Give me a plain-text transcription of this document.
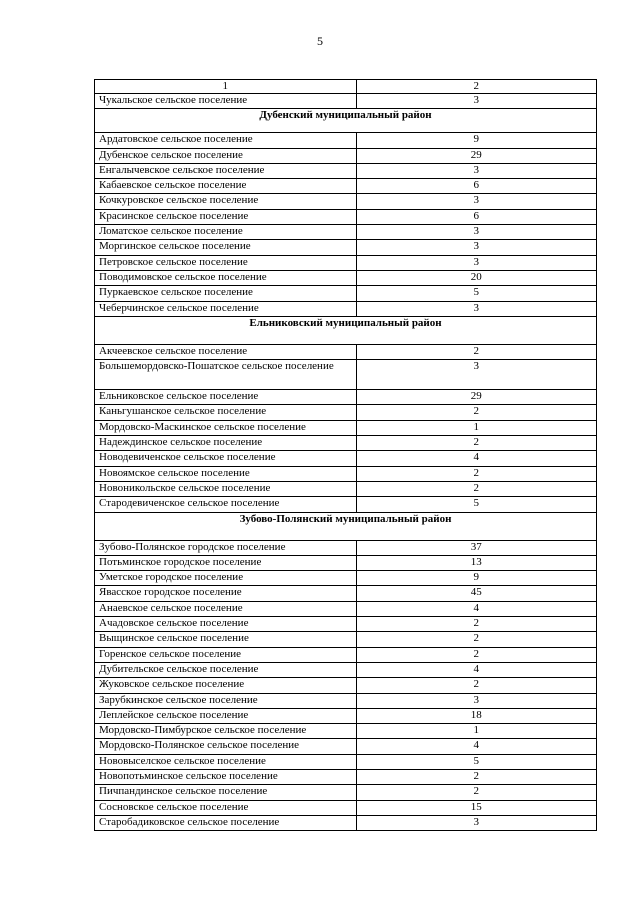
5
1	2
Чукальское сельское поселение	3
Дубенский муниципальный район	
Ардатовское сельское поселение	9
Дубенское сельское поселение	29
Енгалычевское сельское поселение	3
Кабаевское сельское поселение	6
Кочкуровское сельское поселение	3
Красинское сельское поселение	6
Ломатское сельское поселение	3
Моргинское сельское поселение	3
Петровское сельское поселение	3
Поводимовское сельское поселение	20
Пуркаевское сельское поселение	5
Чеберчинское сельское поселение	3
Ельниковский муниципальный район	
Акчеевское сельское поселение	2
Большемордовско-Пошатское сельское поселение	3
Ельниковское сельское поселение	29
Каньгушанское сельское поселение	2
Мордовско-Маскинское сельское поселение	1
Надеждинское сельское поселение	2
Новодевиченское сельское поселение	4
Новоямское сельское поселение	2
Новоникольское сельское поселение	2
Стародевиченское сельское поселение	5
Зубово-Полянский муниципальный район	
Зубово-Полянское городское поселение	37
Потьминское городское поселение	13
Уметское городское поселение	9
Явасское городское поселение	45
Анаевское сельское поселение	4
Ачадовское сельское поселение	2
Выщинское сельское поселение	2
Горенское сельское поселение	2
Дубительское сельское поселение	4
Жуковское сельское поселение	2
Зарубкинское сельское поселение	3
Леплейское сельское поселение	18
Мордовско-Пимбурское сельское поселение	1
Мордовско-Полянское сельское поселение	4
Нововыселское сельское поселение	5
Новопотьминское сельское поселение	2
Пичпандинское сельское поселение	2
Сосновское сельское поселение	15
Старобадиковское сельское поселение	3
